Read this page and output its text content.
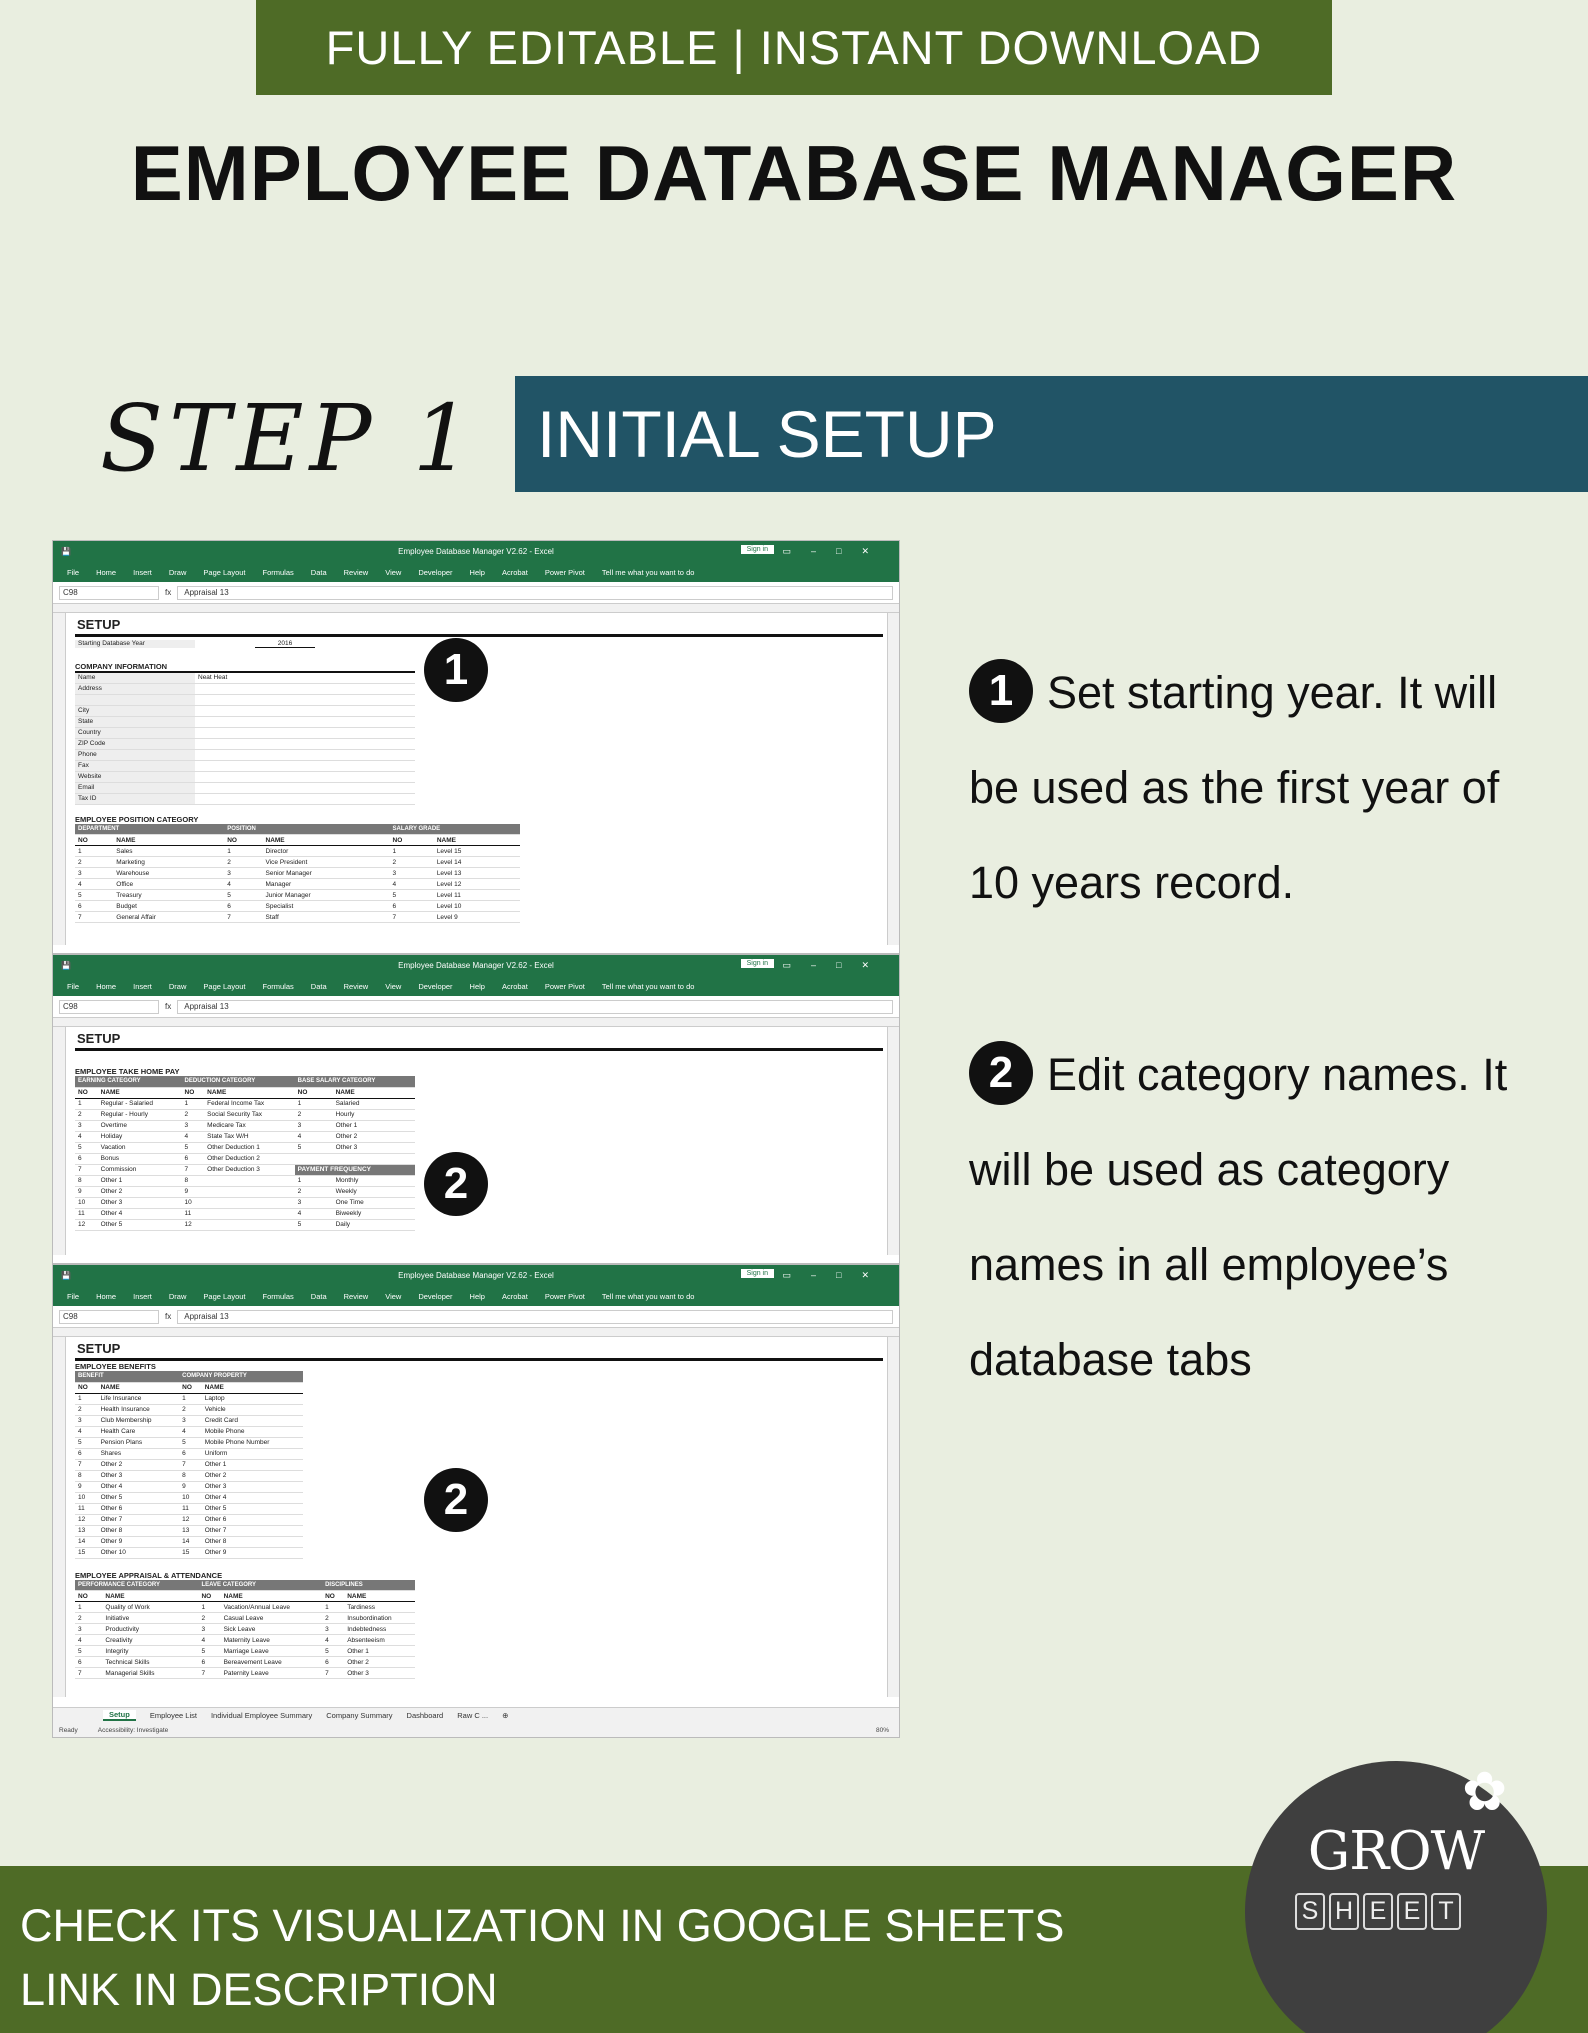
FULLY EDITABLE | INSTANT DOWNLOAD
EMPLOYEE DATABASE MANAGER
STEP 1 INITIAL SETUP
1 Set starting year. It will be used as the first year of 10 years record.
2 Edit category names. It will be used as category names in all employee’s database tabs
💾	Employee Database Manager V2.62 - Excel	Sign in	▭–□✕
File Home Insert Draw Page Layout Formulas Data Review View Developer Help Acrobat Power Pivot Tell me what you want to do
C98	fx	Appraisal 13
SETUP
Starting Database Year	2016
COMPANY INFORMATION
Name	Neat Heat
Address	

City	
State	
Country	
ZIP Code	
Phone	
Fax	
Website	
Email	
Tax ID	
EMPLOYEE POSITION CATEGORY
DEPARTMENT		POSITION		SALARY GRADE	
NO	NAME	NO	NAME	NO	NAME
1	Sales	1	Director	1	Level 15
2	Marketing	2	Vice President	2	Level 14
3	Warehouse	3	Senior Manager	3	Level 13
4	Office	4	Manager	4	Level 12
5	Treasury	5	Junior Manager	5	Level 11
6	Budget	6	Specialist	6	Level 10
7	General Affair	7	Staff	7	Level 9
💾	Employee Database Manager V2.62 - Excel	Sign in	▭–□✕
File Home Insert Draw Page Layout Formulas Data Review View Developer Help Acrobat Power Pivot Tell me what you want to do
C98	fx	Appraisal 13
SETUP
EMPLOYEE TAKE HOME PAY
EARNING CATEGORY		DEDUCTION CATEGORY		BASE SALARY CATEGORY	
NO	NAME	NO	NAME	NO	NAME
1	Regular - Salaried	1	Federal Income Tax	1	Salaried
2	Regular - Hourly	2	Social Security Tax	2	Hourly
3	Overtime	3	Medicare Tax	3	Other 1
4	Holiday	4	State Tax W/H	4	Other 2
5	Vacation	5	Other Deduction 1	5	Other 3
6	Bonus	6	Other Deduction 2		
7	Commission	7	Other Deduction 3	PAYMENT FREQUENCY	
8	Other 1	8		1	Monthly
9	Other 2	9		2	Weekly
10	Other 3	10		3	One Time
11	Other 4	11		4	Biweekly
12	Other 5	12		5	Daily
💾	Employee Database Manager V2.62 - Excel	Sign in	▭–□✕
File Home Insert Draw Page Layout Formulas Data Review View Developer Help Acrobat Power Pivot Tell me what you want to do
C98	fx	Appraisal 13
SETUP
EMPLOYEE BENEFITS
BENEFIT		COMPANY PROPERTY	
NO	NAME	NO	NAME
1	Life Insurance	1	Laptop
2	Health Insurance	2	Vehicle
3	Club Membership	3	Credit Card
4	Health Care	4	Mobile Phone
5	Pension Plans	5	Mobile Phone Number
6	Shares	6	Uniform
7	Other 2	7	Other 1
8	Other 3	8	Other 2
9	Other 4	9	Other 3
10	Other 5	10	Other 4
11	Other 6	11	Other 5
12	Other 7	12	Other 6
13	Other 8	13	Other 7
14	Other 9	14	Other 8
15	Other 10	15	Other 9
EMPLOYEE APPRAISAL & ATTENDANCE
PERFORMANCE CATEGORY		LEAVE CATEGORY		DISCIPLINES	
NO	NAME	NO	NAME	NO	NAME
1	Quality of Work	1	Vacation/Annual Leave	1	Tardiness
2	Initiative	2	Casual Leave	2	Insubordination
3	Productivity	3	Sick Leave	3	Indebtedness
4	Creativity	4	Maternity Leave	4	Absenteeism
5	Integrity	5	Marriage Leave	5	Other 1
6	Technical Skills	6	Bereavement Leave	6	Other 2
7	Managerial Skills	7	Paternity Leave	7	Other 3
Setup	Employee List Individual Employee Summary Company Summary Dashboard Raw C ... ⊕
Ready	Accessibility: Investigate	80%
1
2
2
CHECK ITS VISUALIZATION IN GOOGLE SHEETS
LINK IN DESCRIPTION
✿
GROW
S H E E T
